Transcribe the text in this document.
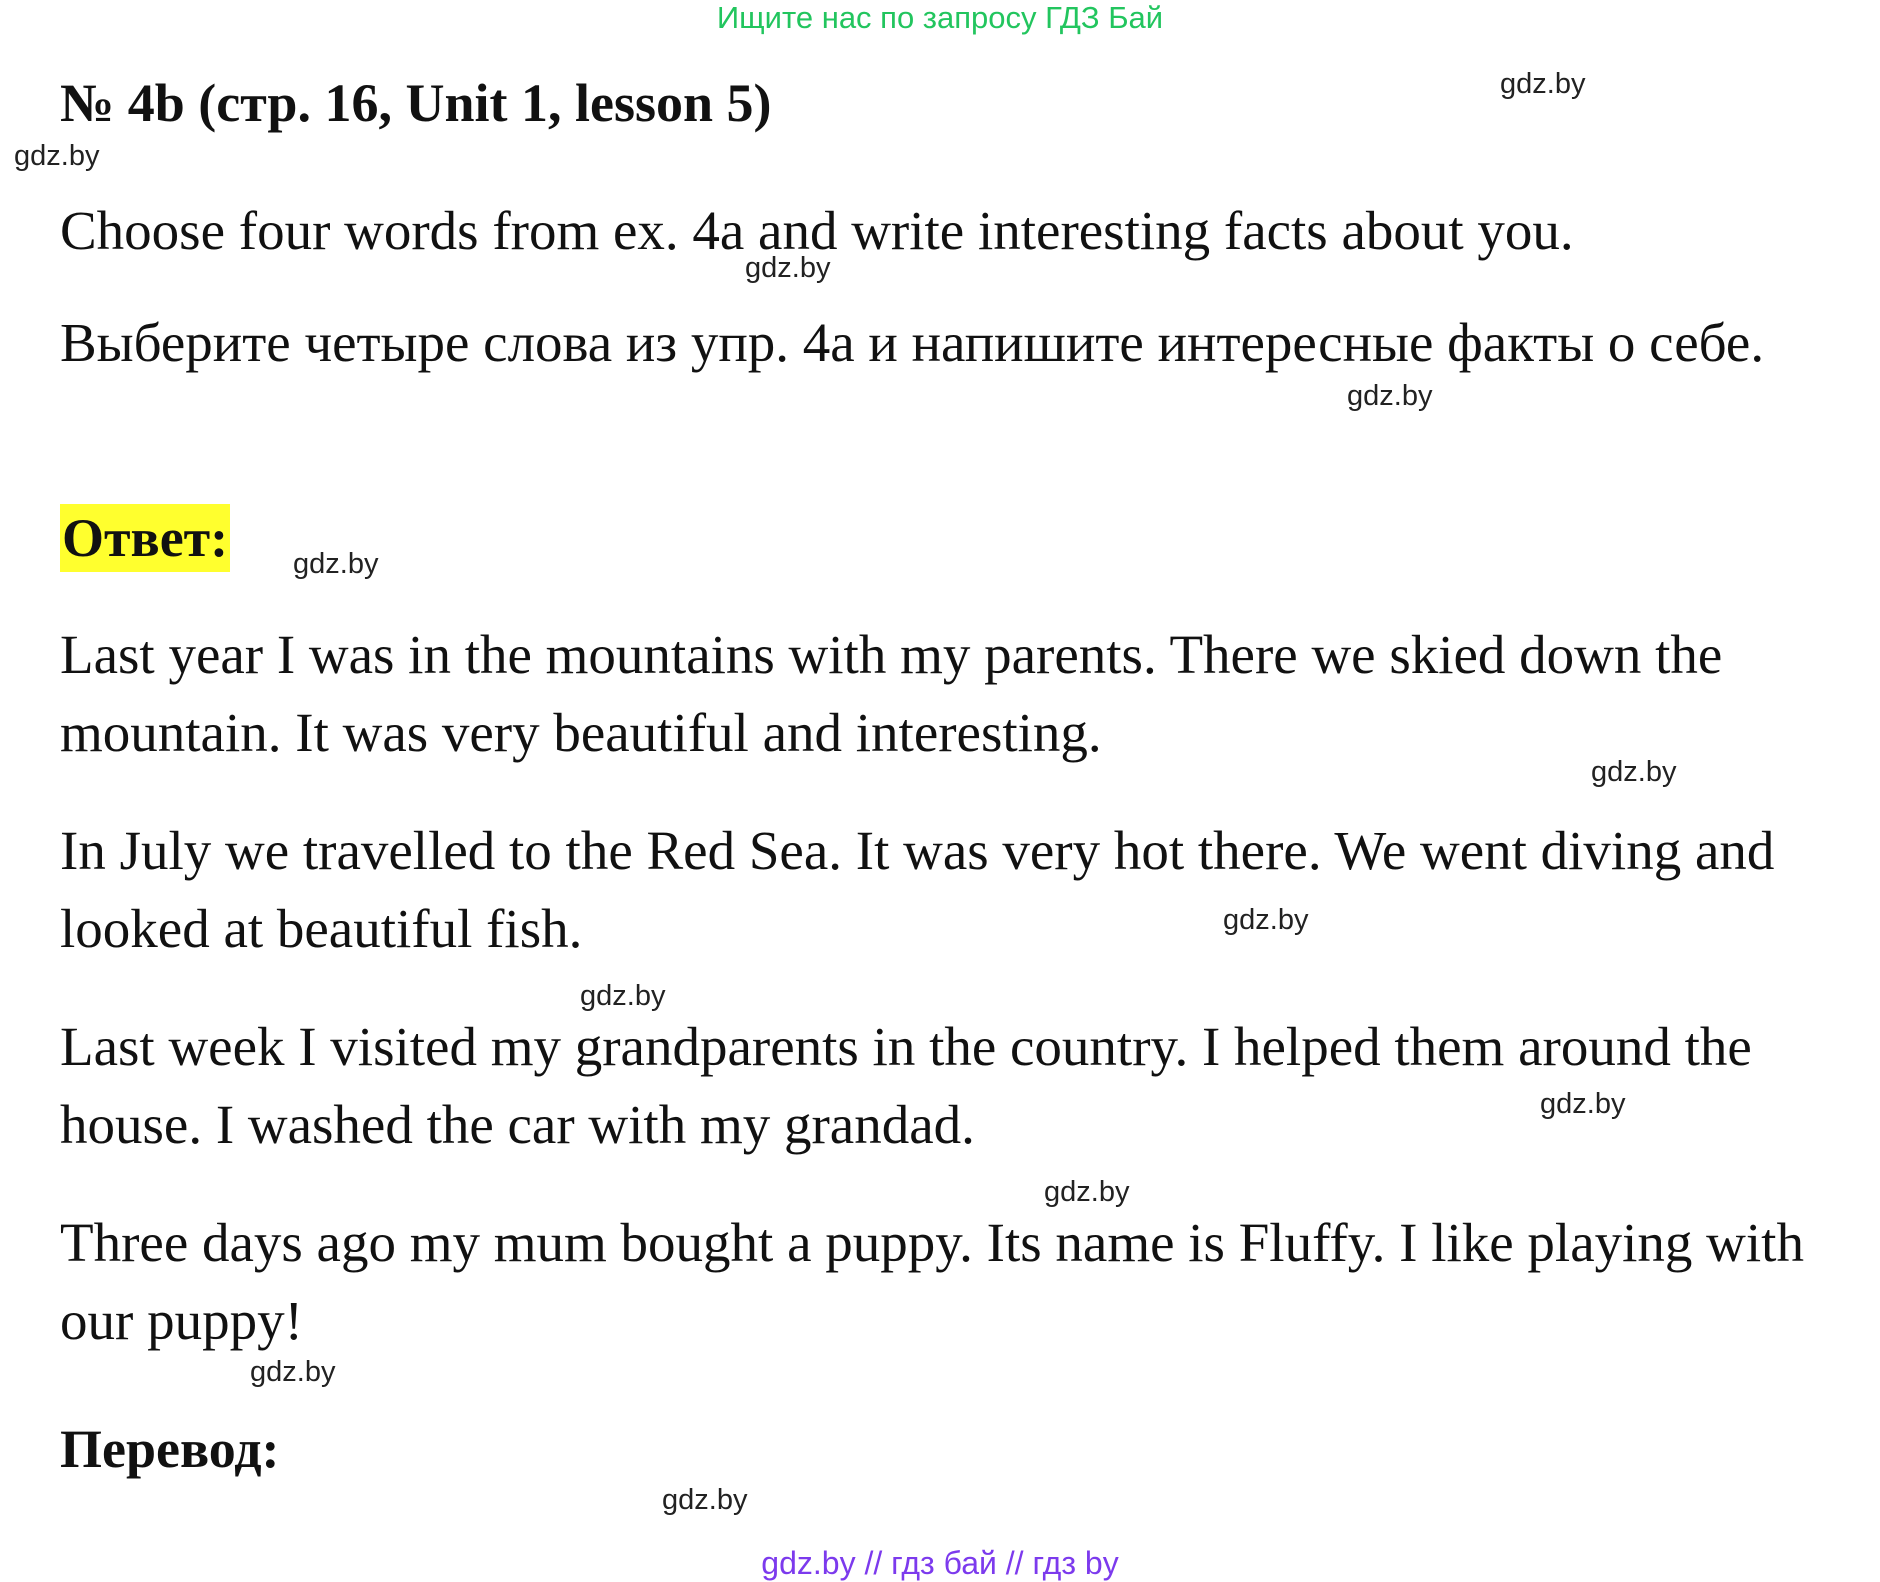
Ищите нас по запросу ГДЗ Бай
№ 4b (стр. 16, Unit 1, lesson 5)

Choose four words from ex. 4a and write interesting facts about you.

Выберите четыре слова из упр. 4a и напишите интересные факты о себе.

Ответ:

Last year I was in the mountains with my parents. There we skied down the mountain. It was very beautiful and interesting.

In July we travelled to the Red Sea. It was very hot there. We went diving and looked at beautiful fish.

Last week I visited my grandparents in the country. I helped them around the house. I washed the car with my grandad.

Three days ago my mum bought a puppy. Its name is Fluffy. I like playing with our puppy!

Перевод:
gdz.by
gdz.by
gdz.by
gdz.by
gdz.by
gdz.by
gdz.by
gdz.by
gdz.by
gdz.by
gdz.by
gdz.by
gdz.by // гдз бай // гдз by
